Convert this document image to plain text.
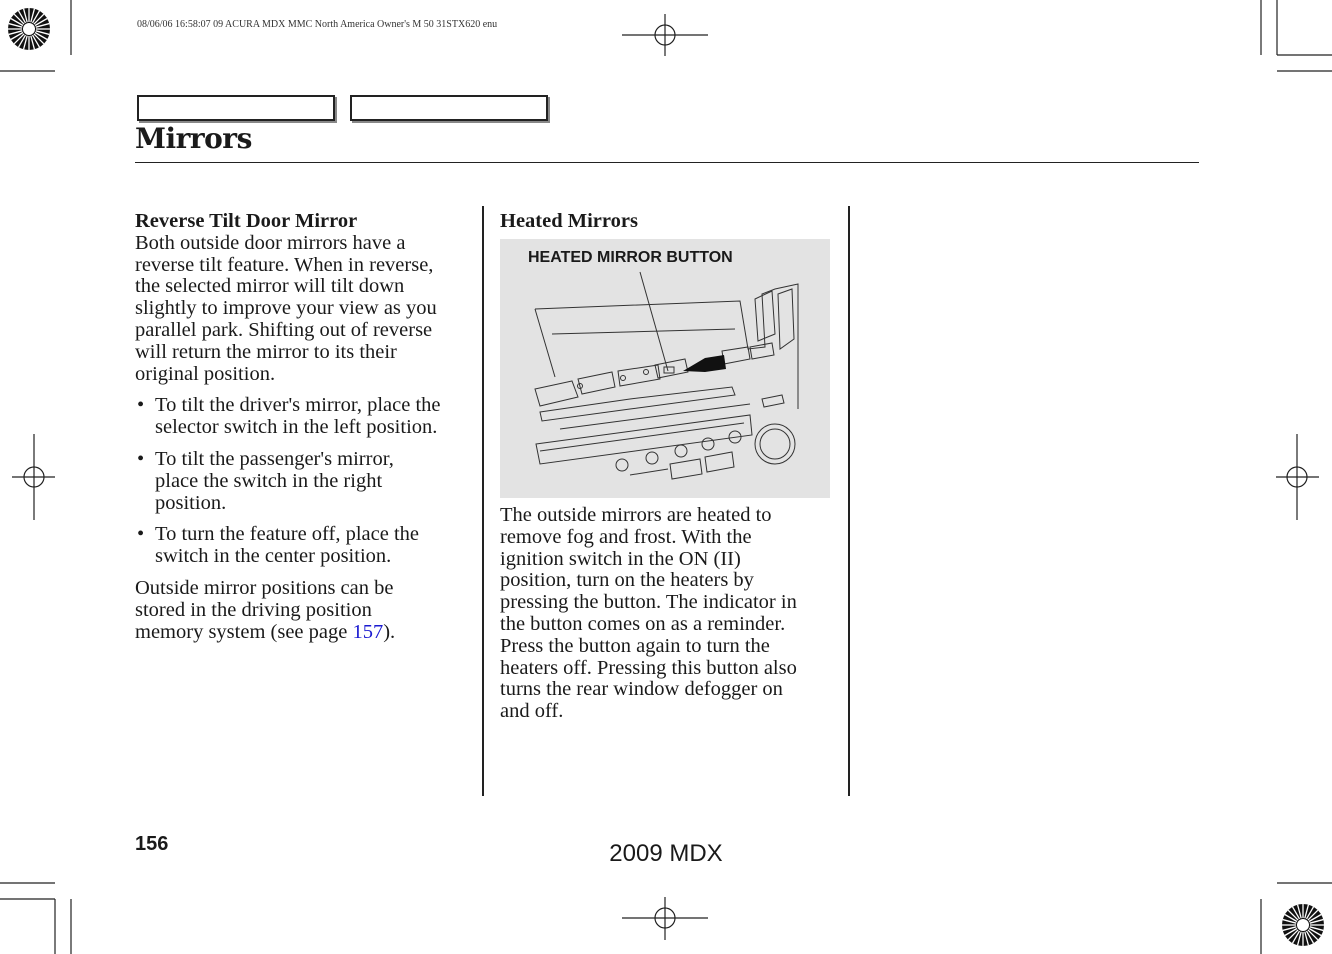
08/06/06 16:58:07 09 ACURA MDX MMC North America Owner's M 50 31STX620 enu
Mirrors
Reverse Tilt Door Mirror
Both outside door mirrors have a
reverse tilt feature. When in reverse,
the selected mirror will tilt down
slightly to improve your view as you
parallel park. Shifting out of reverse
will return the mirror to its their
original position.
• To tilt the driver's mirror, place the
selector switch in the left position.
• To tilt the passenger's mirror,
place the switch in the right
position.
• To turn the feature off, place the
switch in the center position.
Outside mirror positions can be
stored in the driving position
memory system (see page 157).
Heated Mirrors
HEATED MIRROR BUTTON
The outside mirrors are heated to
remove fog and frost. With the
ignition switch in the ON (II)
position, turn on the heaters by
pressing the button. The indicator in
the button comes on as a reminder.
Press the button again to turn the
heaters off. Pressing this button also
turns the rear window defogger on
and off.
156	2009 MDX
